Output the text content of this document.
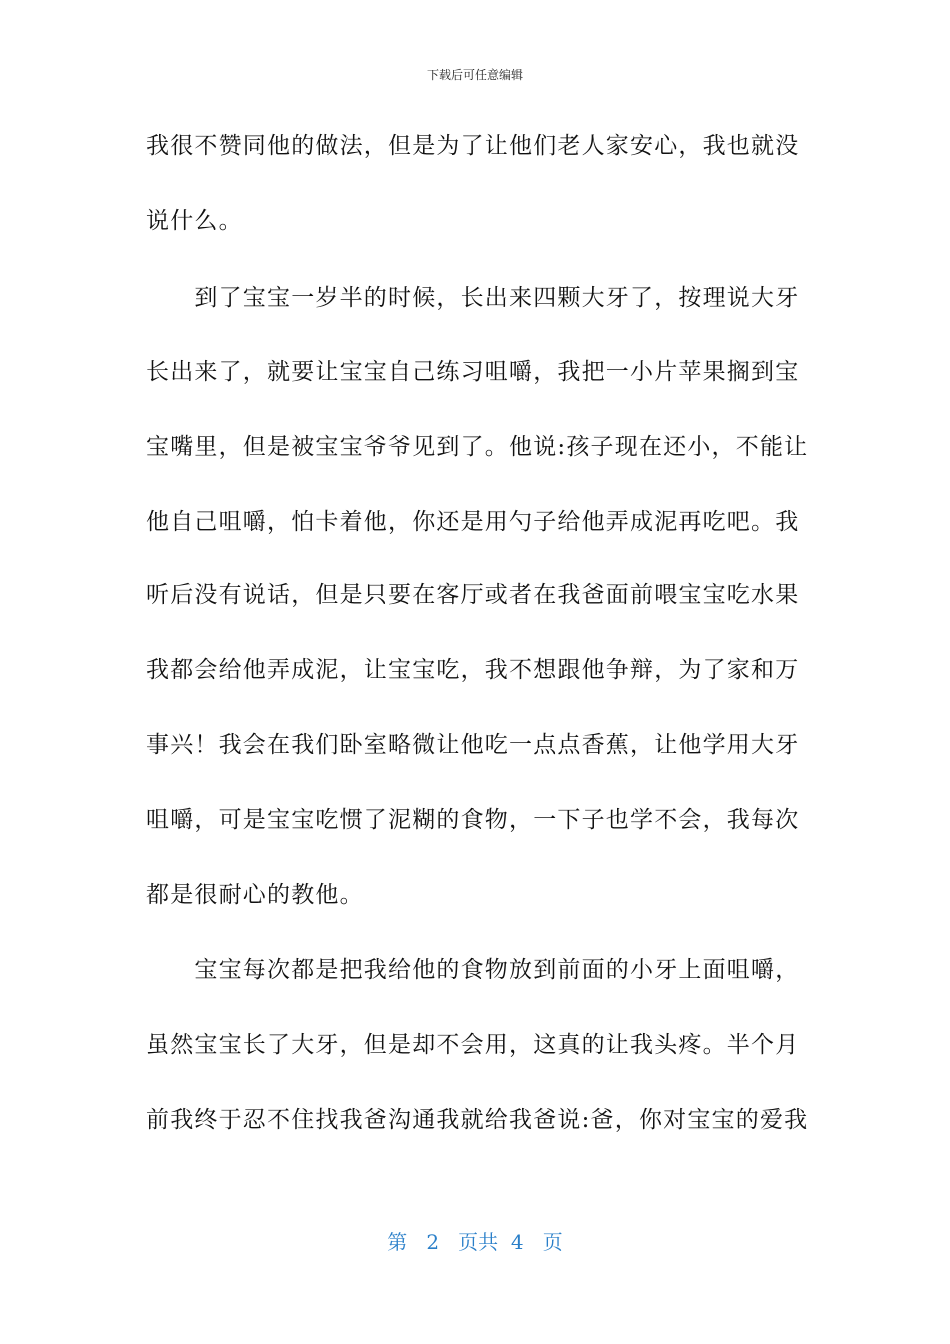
下载后可任意编辑
我很不赞同他的做法，但是为了让他们老人家安心，我也就没
说什么。
　　到了宝宝一岁半的时候，长出来四颗大牙了，按理说大牙
长出来了，就要让宝宝自己练习咀嚼，我把一小片苹果搁到宝
宝嘴里，但是被宝宝爷爷见到了。他说:孩子现在还小，不能让
他自己咀嚼，怕卡着他，你还是用勺子给他弄成泥再吃吧。我
听后没有说话，但是只要在客厅或者在我爸面前喂宝宝吃水果
我都会给他弄成泥，让宝宝吃，我不想跟他争辩，为了家和万
事兴！我会在我们卧室略微让他吃一点点香蕉，让他学用大牙
咀嚼，可是宝宝吃惯了泥糊的食物，一下子也学不会，我每次
都是很耐心的教他。
　　宝宝每次都是把我给他的食物放到前面的小牙上面咀嚼，
虽然宝宝长了大牙，但是却不会用，这真的让我头疼。半个月
前我终于忍不住找我爸沟通我就给我爸说:爸，你对宝宝的爱我
第 2 页共 4 页
